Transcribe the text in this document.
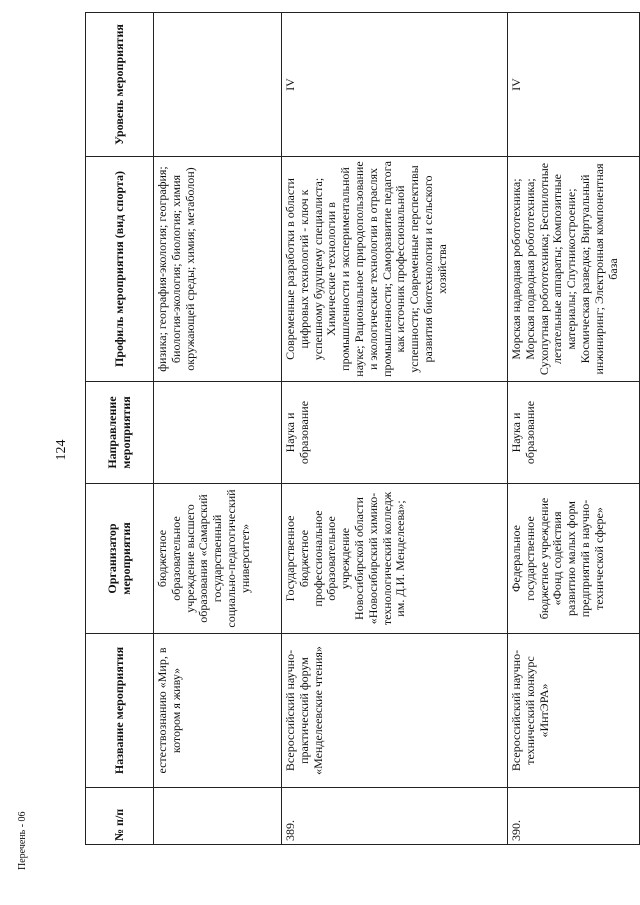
124
Перечень - 06	№ п/п	Название мероприятия	Организатор мероприятия	Направление мероприятия	Профиль мероприятия (вид спорта)	Уровень мероприятия
	естествознанию «Мир, в котором я живу»	бюджетное образовательное учреждение высшего образования «Самарский государственный социально-педагогический университет»		физика; география-экология; география; биология-экология; биология; химия окружающей среды; химия; метаболон)	
389.	Всероссийский научно-практический форум «Менделеевские чтения»	Государственное бюджетное профессиональное образовательное учреждение Новосибирской области «Новосибирский химико-технологический колледж им. Д.И. Менделеева»;	Наука и образование	Современные разработки в области цифровых технологий - ключ к успешному будущему специалиста; Химические технологии в промышленности и экспериментальной науке; Рациональное природопользование и экологические технологии в отраслях промышленности; Саморазвитие педагога как источник профессиональной успешности; Современные перспективы развития биотехнологии и сельского хозяйства	IV
390.	Всероссийский научно-технический конкурс «ИнтЭРА»	Федеральное государственное бюджетное учреждение «Фонд содействия развитию малых форм предприятий в научно-технической сфере»	Наука и образование	Морская надводная робототехника; Морская подводная робототехника; Сухопутная робототехника; Беспилотные летательные аппараты; Композитные материалы; Спутникостроение; Космическая разведка; Виртуальный инжиниринг; Электронная компонентная база	IV
